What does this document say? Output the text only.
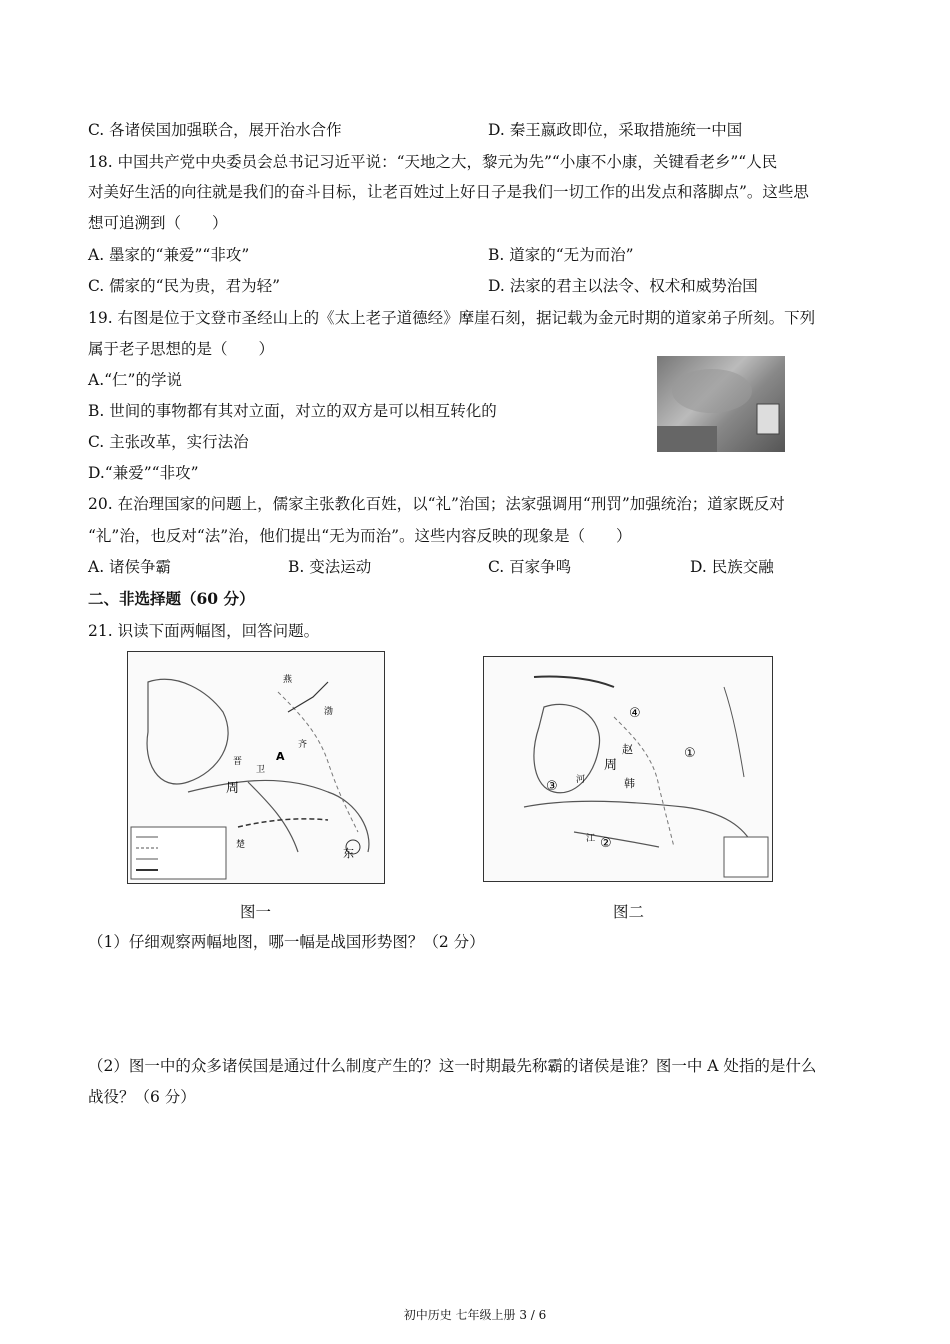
C. 各诸侯国加强联合，展开治水合作	D. 秦王嬴政即位，采取措施统一中国
18. 中国共产党中央委员会总书记习近平说：“天地之大，黎元为先”“小康不小康，关键看老乡”“人民
对美好生活的向往就是我们的奋斗目标，让老百姓过上好日子是我们一切工作的出发点和落脚点”。这些思
想可追溯到（　　）
A. 墨家的“兼爱”“非攻”	B. 道家的“无为而治”
C. 儒家的“民为贵，君为轻”	D. 法家的君主以法令、权术和威势治国
19. 右图是位于文登市圣经山上的《太上老子道德经》摩崖石刻，据记载为金元时期的道家弟子所刻。下列
属于老子思想的是（　　）
A.“仁”的学说
B. 世间的事物都有其对立面，对立的双方是可以相互转化的
C. 主张改革，实行法治
D.“兼爱”“非攻”
20. 在治理国家的问题上，儒家主张教化百姓，以“礼”治国；法家强调用“刑罚”加强统治；道家既反对
“礼”治，也反对“法”治，他们提出“无为而治”。这些内容反映的现象是（　　）
A. 诸侯争霸	B. 变法运动	C. 百家争鸣	D. 民族交融
二、非选择题（60 分）
21. 识读下面两幅图，回答问题。
周
A
东
卫
齐
楚
晋
燕
渤
周
赵
韩
①
②
③
④
江
河
图一	图二
（1）仔细观察两幅地图，哪一幅是战国形势图？（2 分）
（2）图一中的众多诸侯国是通过什么制度产生的？这一时期最先称霸的诸侯是谁？图一中 A 处指的是什么
战役？（6 分）
初中历史 七年级上册 3 / 6
